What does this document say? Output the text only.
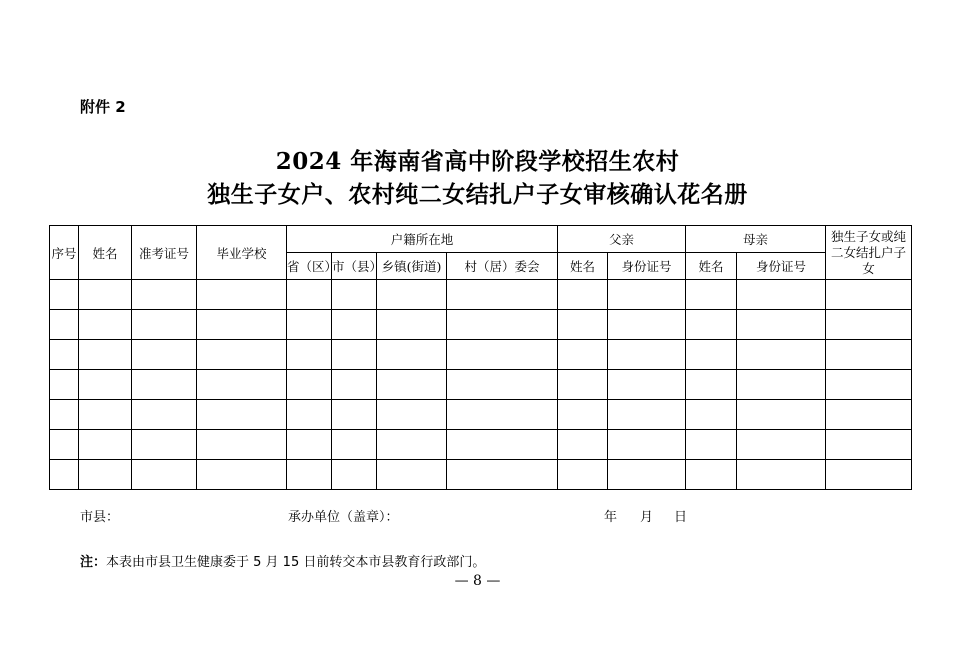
附件 2
2024 年海南省高中阶段学校招生农村
独生子女户、农村纯二女结扎户子女审核确认花名册
序号	姓名	准考证号	毕业学校	户籍所在地				父亲		母亲		独生子女或纯二女结扎户子女
				省（区）	市（县）	乡镇(街道)	村（居）委会	姓名	身份证号	姓名	身份证号	

市县：	承办单位（盖章）：	年 月 日
注：本表由市县卫生健康委于 5 月 15 日前转交本市县教育行政部门。
— 8 —
